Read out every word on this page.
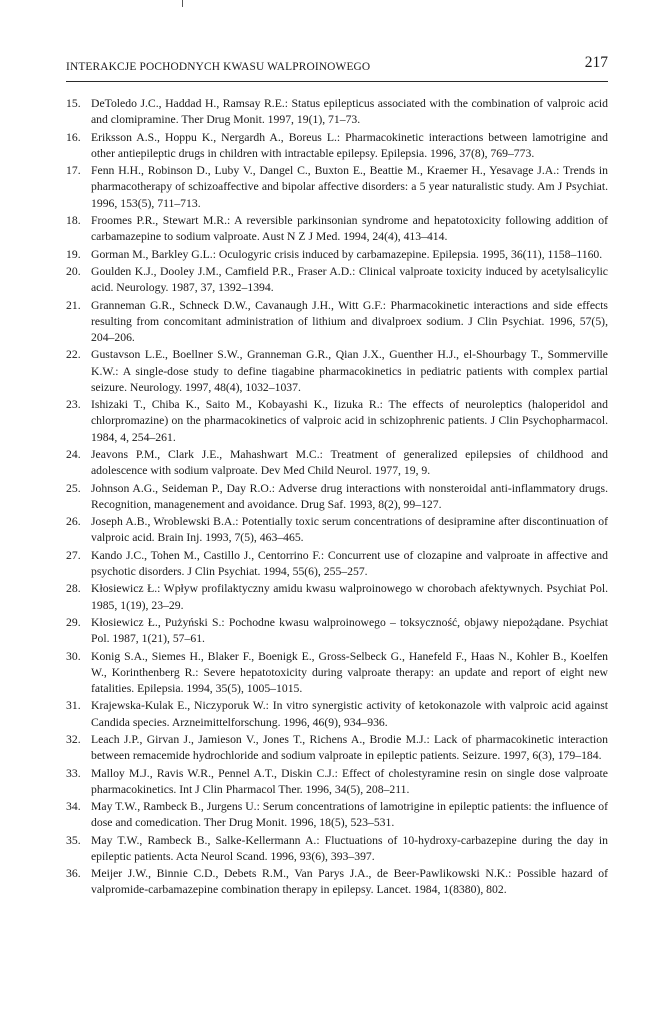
INTERAKCJE POCHODNYCH KWASU WALPROINOWEGO	217
15. DeToledo J.C., Haddad H., Ramsay R.E.: Status epilepticus associated with the combination of valproic acid and clomipramine. Ther Drug Monit. 1997, 19(1), 71–73.
16. Eriksson A.S., Hoppu K., Nergardh A., Boreus L.: Pharmacokinetic interactions between lamotrigine and other antiepileptic drugs in children with intractable epilepsy. Epilepsia. 1996, 37(8), 769–773.
17. Fenn H.H., Robinson D., Luby V., Dangel C., Buxton E., Beattie M., Kraemer H., Yesavage J.A.: Trends in pharmacotherapy of schizoaffective and bipolar affective disorders: a 5 year naturalistic study. Am J Psychiat. 1996, 153(5), 711–713.
18. Froomes P.R., Stewart M.R.: A reversible parkinsonian syndrome and hepatotoxicity following addition of carbamazepine to sodium valproate. Aust N Z J Med. 1994, 24(4), 413–414.
19. Gorman M., Barkley G.L.: Oculogyric crisis induced by carbamazepine. Epilepsia. 1995, 36(11), 1158–1160.
20. Goulden K.J., Dooley J.M., Camfield P.R., Fraser A.D.: Clinical valproate toxicity induced by acetylsalicylic acid. Neurology. 1987, 37, 1392–1394.
21. Granneman G.R., Schneck D.W., Cavanaugh J.H., Witt G.F.: Pharmacokinetic interactions and side effects resulting from concomitant administration of lithium and divalproex sodium. J Clin Psychiat. 1996, 57(5), 204–206.
22. Gustavson L.E., Boellner S.W., Granneman G.R., Qian J.X., Guenther H.J., el-Shourbagy T., Sommerville K.W.: A single-dose study to define tiagabine pharmacokinetics in pediatric patients with complex partial seizure. Neurology. 1997, 48(4), 1032–1037.
23. Ishizaki T., Chiba K., Saito M., Kobayashi K., Iizuka R.: The effects of neuroleptics (haloperidol and chlorpromazine) on the pharmacokinetics of valproic acid in schizophrenic patients. J Clin Psychopharmacol. 1984, 4, 254–261.
24. Jeavons P.M., Clark J.E., Mahashwart M.C.: Treatment of generalized epilepsies of childhood and adolescence with sodium valproate. Dev Med Child Neurol. 1977, 19, 9.
25. Johnson A.G., Seideman P., Day R.O.: Adverse drug interactions with nonsteroidal anti-inflammatory drugs. Recognition, managenement and avoidance. Drug Saf. 1993, 8(2), 99–127.
26. Joseph A.B., Wroblewski B.A.: Potentially toxic serum concentrations of desipramine after discontinuation of valproic acid. Brain Inj. 1993, 7(5), 463–465.
27. Kando J.C., Tohen M., Castillo J., Centorrino F.: Concurrent use of clozapine and valproate in affective and psychotic disorders. J Clin Psychiat. 1994, 55(6), 255–257.
28. Kłosiewicz Ł.: Wpływ profilaktyczny amidu kwasu walproinowego w chorobach afektywnych. Psychiat Pol. 1985, 1(19), 23–29.
29. Kłosiewicz Ł., Pużyński S.: Pochodne kwasu walproinowego – toksyczność, objawy niepożądane. Psychiat Pol. 1987, 1(21), 57–61.
30. Konig S.A., Siemes H., Blaker F., Boenigk E., Gross-Selbeck G., Hanefeld F., Haas N., Kohler B., Koelfen W., Korinthenberg R.: Severe hepatotoxicity during valproate therapy: an update and report of eight new fatalities. Epilepsia. 1994, 35(5), 1005–1015.
31. Krajewska-Kulak E., Niczyporuk W.: In vitro synergistic activity of ketokonazole with valproic acid against Candida species. Arzneimittelforschung. 1996, 46(9), 934–936.
32. Leach J.P., Girvan J., Jamieson V., Jones T., Richens A., Brodie M.J.: Lack of pharmacokinetic interaction between remacemide hydrochloride and sodium valproate in epileptic patients. Seizure. 1997, 6(3), 179–184.
33. Malloy M.J., Ravis W.R., Pennel A.T., Diskin C.J.: Effect of cholestyramine resin on single dose valproate pharmacokinetics. Int J Clin Pharmacol Ther. 1996, 34(5), 208–211.
34. May T.W., Rambeck B., Jurgens U.: Serum concentrations of lamotrigine in epileptic patients: the influence of dose and comedication. Ther Drug Monit. 1996, 18(5), 523–531.
35. May T.W., Rambeck B., Salke-Kellermann A.: Fluctuations of 10-hydroxy-carbazepine during the day in epileptic patients. Acta Neurol Scand. 1996, 93(6), 393–397.
36. Meijer J.W., Binnie C.D., Debets R.M., Van Parys J.A., de Beer-Pawlikowski N.K.: Possible hazard of valpromide-carbamazepine combination therapy in epilepsy. Lancet. 1984, 1(8380), 802.
